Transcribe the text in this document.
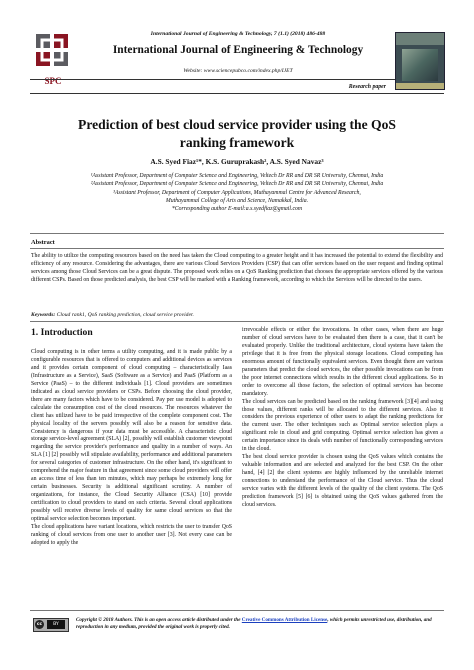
SPC
International Journal of Engineering & Technology, 7 (1.1) (2018) 486-488
International Journal of Engineering & Technology
Website: www.sciencepubco.com/index.php/IJET
Research paper
Prediction of best cloud service provider using the QoS
ranking framework
A.S. Syed Fiaz¹*, K.S. Guruprakash², A.S. Syed Navaz³
¹Assistant Professor, Department of Computer Science and Engineering, Veltech Dr RR and DR SR University, Chennai, India
²Assistant Professor, Department of Computer Science and Engineering, Veltech Dr RR and DR SR University, Chennai, India
³Assistant Professor, Department of Computer Applications, Muthayammal Centre for Advanced Research,
Muthayammal College of Arts and Science, Namakkal, India.
*Corresponding author E-mail:a.s.syedfiaz@gmail.com
Abstract
The ability to utilize the computing resources based on the need has taken the Cloud computing to a greater height and it has increased the potential to extend the flexibility and efficiency of any resource. Considering the advantages, there are various Cloud Services Providers (CSP) that can offer services based on the user request and finding optimal services among those Cloud Services can be a great dispute. The proposed work relies on a QoS Ranking prediction that chooses the appropriate services offered by the various different CSPs. Based on those predicted analysis, the best CSP will be marked with a Ranking framework, according to which the Services will be directed to the users.
Keywords: Cloud rank1, QoS ranking prediction, cloud service provider.
1. Introduction

Cloud computing is in other terms a utility computing, and it is made public by a configurable resources that is offered to computers and additional devices as services and it provides certain component of cloud computing – characteristically Iaas (Infrastructure as a Service), SaaS (Software as a Service) and PaaS (Platform as a Service (PaaS) – to the different individuals [1]. Cloud providers are sometimes indicated as cloud service providers or CSPs. Before choosing the cloud provider, there are many factors which have to be considered. Pay per use model is adopted to calculate the consumption cost of the cloud resources. The resources whatever the client has utilized have to be paid irrespective of the complete component cost. The physical locality of the servers possibly will also be a reason for sensitive data. Consistency is dangerous if your data must be accessible. A characteristic cloud storage service-level agreement (SLA) [2], possibly will establish customer viewpoint regarding the service provider's performance and quality in a number of ways. An SLA [1] [2] possibly will stipulate availability, performance and additional parameters for several categories of customer infrastructure. On the other hand, it's significant to comprehend the major feature in that agreement since some cloud providers will offer an access time of less than ten minutes, which may perhaps be extremely long for certain businesses. Security is additional significant scrutiny. A number of organizations, for instance, the Cloud Security Alliance (CSA) [10] provide certification to cloud providers to stand on such criteria. Several cloud applications possibly will receive diverse levels of quality for same cloud services so that the optimal service selection becomes important.

The cloud applications have variant locations, which restricts the user to transfer QoS ranking of cloud services from one user to another user [3]. Not every case can be adopted to apply the

irrevocable effects or either the invocations. In other cases, when there are huge number of cloud services have to be evaluated then there is a case, that it can't be evaluated properly. Unlike the traditional architecture, cloud systems have taken the privilege that it is free from the physical storage locations. Cloud computing has enormous amount of functionally equivalent services. Even thought there are various parameters that predict the cloud services, the other possible invocations can be from the poor internet connections which results in the different cloud applications. So in order to overcome all those factors, the selection of optimal services has become mandatory.

The cloud services can be predicted based on the ranking framework [3][4] and using those values, different ranks will be allocated to the different services. Also it considers the previous experience of other users to adapt the ranking predictions for the current user. The other techniques such as Optimal service selection plays a significant role in cloud and grid computing. Optimal service selection has given a certain importance since its deals with number of functionally corresponding services in the cloud.

The best cloud service provider is chosen using the QoS values which contains the valuable information and are selected and analyzed for the best CSP. On the other hand, [4] [2] the client systems are highly influenced by the unreliable internet connections to understand the performance of the Cloud service. Thus the cloud service varies with the different levels of the quality of the client systems. The QoS prediction framework [5] [6] is obtained using the QoS values gathered from the cloud services.

cc	BY
Copyright © 2018 Authors. This is an open access article distributed under the Creative Commons Attribution License, which permits unrestricted use, distribution, and reproduction in any medium, provided the original work is properly cited.
